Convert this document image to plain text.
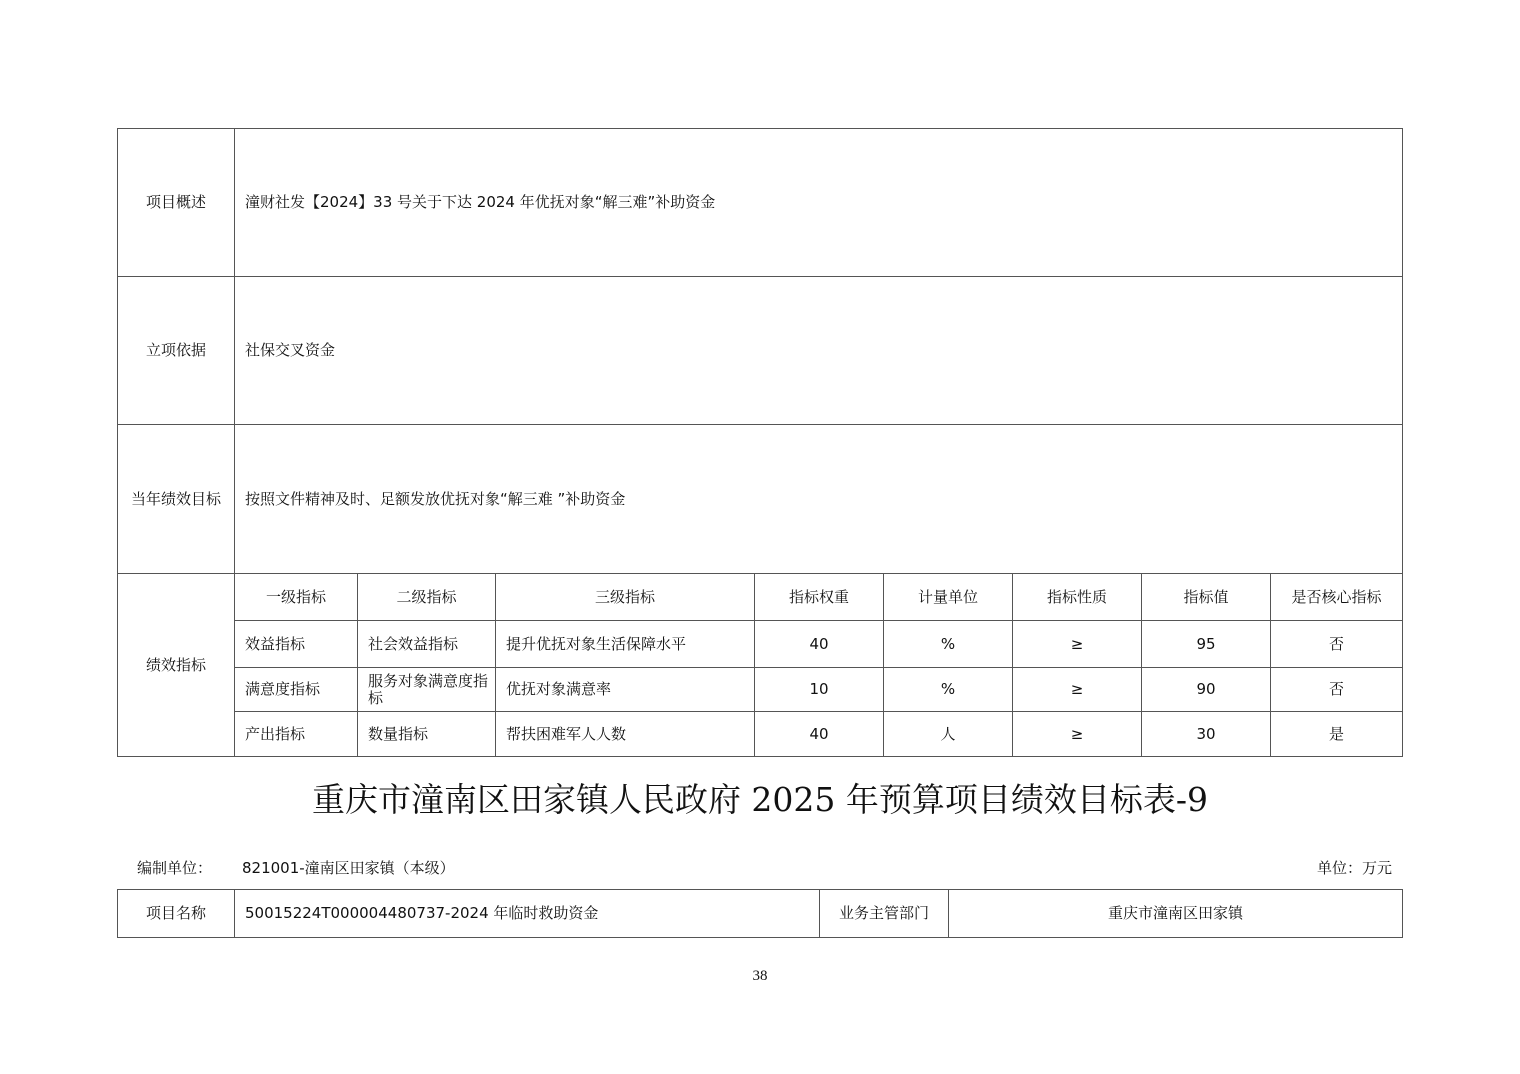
项目概述	潼财社发【2024】33 号关于下达 2024 年优抚对象“解三难”补助资金							
立项依据	社保交叉资金							
当年绩效目标	按照文件精神及时、足额发放优抚对象“解三难 ”补助资金							
绩效指标	一级指标	二级指标	三级指标	指标权重	计量单位	指标性质	指标值	是否核心指标
	效益指标	社会效益指标	提升优抚对象生活保障水平	40	%	≥	95	否
	满意度指标	服务对象满意度指标	优抚对象满意率	10	%	≥	90	否
	产出指标	数量指标	帮扶困难军人人数	40	人	≥	30	是
重庆市潼南区田家镇人民政府 2025 年预算项目绩效目标表-9
编制单位： 821001-潼南区田家镇（本级）	单位：万元
项目名称	50015224T000004480737-2024 年临时救助资金	业务主管部门	重庆市潼南区田家镇
38
